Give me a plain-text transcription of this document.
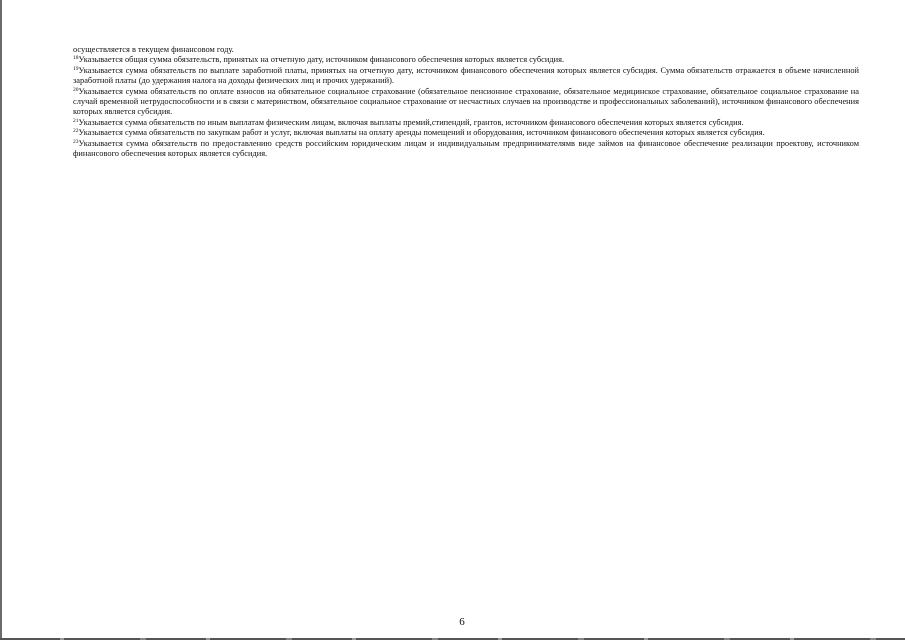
осуществляется в текущем финансовом году.

$^{18}$Указывается общая сумма обязательств, принятых на отчетную дату, источником финансового обеспечения которых является субсидия.

$^{19}$Указывается сумма обязательств по выплате заработной платы, принятых на отчетную дату, источником финансового обеспечения которых является субсидия. Сумма обязательств отражается в объеме начисленной заработной платы (до удержания налога на доходы физических лиц и прочих удержаний).

$^{20}$Указывается сумма обязательств по оплате взносов на обязательное социальное страхование (обязательное пенсионное страхование, обязательное медицинское страхование, обязательное социальное страхование на случай временной нетрудоспособности и в связи с материнством, обязательное социальное страхование от несчастных случаев на производстве и профессиональных заболеваний), источником финансового обеспечения которых является субсидия.

$^{21}$Указывается сумма обязательств по иным выплатам физическим лицам, включая выплаты премий,стипендий, грантов, источником финансового обеспечения которых является субсидия.

$^{22}$Указывается сумма обязательств по закупкам работ и услуг, включая выплаты на оплату аренды помещений и оборудования, источником финансового обеспечения которых является субсидия.

$^{23}$Указывается сумма обязательств по предоставлению средств российским юридическим лицам и индивидуальным предпринимателямв виде займов на финансовое обеспечение реализации проектову, источником финансового обеспечения которых является субсидия.

6
